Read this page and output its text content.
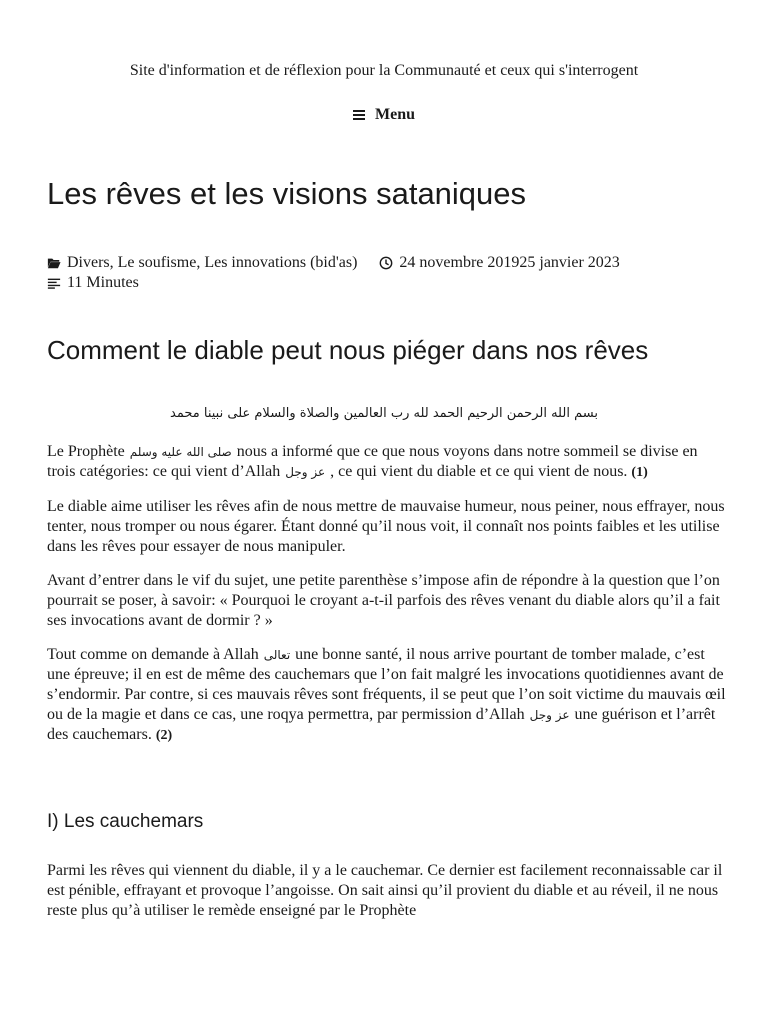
Site d'information et de réflexion pour la Communauté et ceux qui s'interrogent
Menu
Les rêves et les visions sataniques
Divers , Le soufisme , Les innovations (bid'as)	24 novembre 2019 25 janvier 2023
11 Minutes
Comment le diable peut nous piéger dans nos rêves
بسم الله الرحمن الرحيم الحمد لله رب العالمين والصلاة والسلام على نبينا محمد

Le Prophète صلى الله عليه وسلم nous a informé que ce que nous voyons dans notre sommeil se divise en trois catégories: ce qui vient d’Allah عز وجل , ce qui vient du diable et ce qui vient de nous. (1)

Le diable aime utiliser les rêves afin de nous mettre de mauvaise humeur, nous peiner, nous effrayer, nous tenter, nous tromper ou nous égarer. Étant donné qu’il nous voit, il connaît nos points faibles et les utilise dans les rêves pour essayer de nous manipuler.

Avant d’entrer dans le vif du sujet, une petite parenthèse s’impose afin de répondre à la question que l’on pourrait se poser, à savoir: « Pourquoi le croyant a-t-il parfois des rêves venant du diable alors qu’il a fait ses invocations avant de dormir ? »

Tout comme on demande à Allah تعالى une bonne santé, il nous arrive pourtant de tomber malade, c’est une épreuve; il en est de même des cauchemars que l’on fait malgré les invocations quotidiennes avant de s’endormir. Par contre, si ces mauvais rêves sont fréquents, il se peut que l’on soit victime du mauvais œil ou de la magie et dans ce cas, une roqya permettra, par permission d’Allah عز وجل une guérison et l’arrêt des cauchemars. (2)

I) Les cauchemars

Parmi les rêves qui viennent du diable, il y a le cauchemar. Ce dernier est facilement reconnaissable car il est pénible, effrayant et provoque l’angoisse. On sait ainsi qu’il provient du diable et au réveil, il ne nous reste plus qu’à utiliser le remède enseigné par le Prophète
